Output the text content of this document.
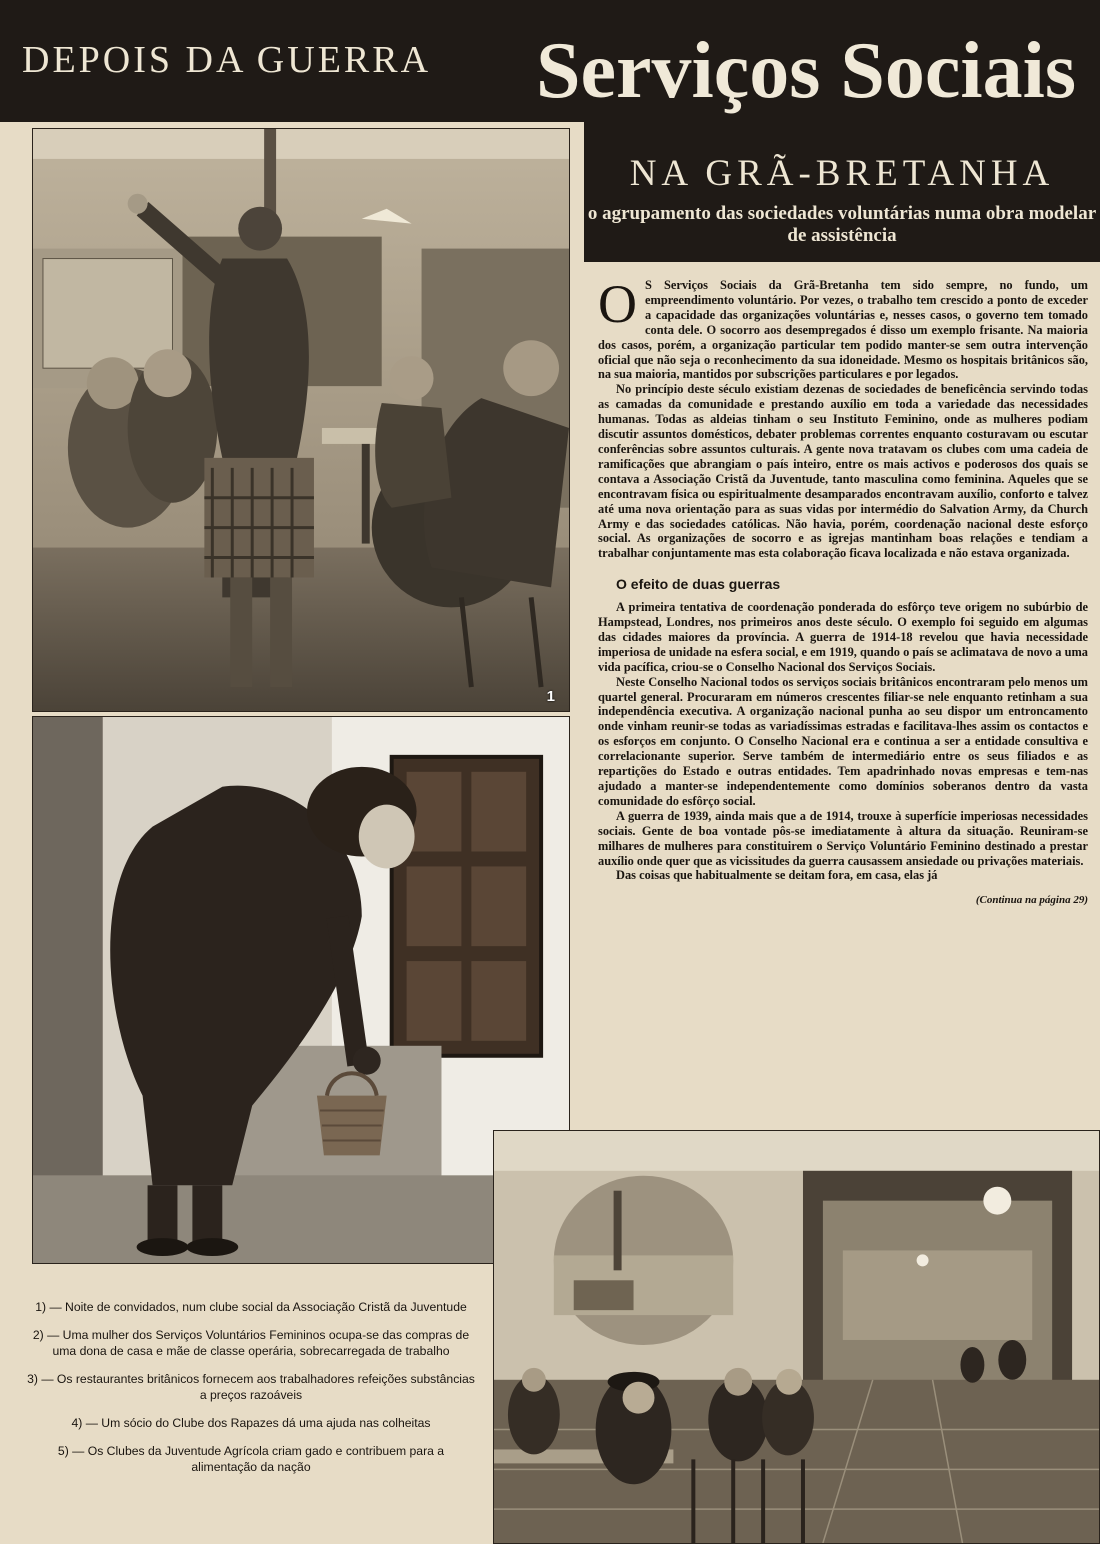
DEPOIS DA GUERRA Serviços Sociais
NA GRÃ-BRETANHA
o agrupamento das sociedades voluntárias numa obra modelar de assistência
1

O S Serviços Sociais da Grã-Bretanha tem sido sempre, no fundo, um empreendimento voluntário. Por vezes, o trabalho tem crescido a ponto de exceder a capacidade das organizações voluntárias e, nesses casos, o governo tem tomado conta dele. O socorro aos desempregados é disso um exemplo frisante. Na maioria dos casos, porém, a organização particular tem podido manter-se sem outra intervenção oficial que não seja o reconhecimento da sua idoneidade. Mesmo os hospitais britânicos são, na sua maioria, mantidos por subscrições particulares e por legados.

No princípio deste século existiam dezenas de sociedades de beneficência servindo todas as camadas da comunidade e prestando auxílio em toda a variedade das necessidades humanas. Todas as aldeias tinham o seu Instituto Feminino, onde as mulheres podiam discutir assuntos domésticos, debater problemas correntes enquanto costuravam ou escutar conferências sobre assuntos culturais. A gente nova tratavam os clubes com uma cadeia de ramificações que abrangiam o país inteiro, entre os mais activos e poderosos dos quais se contava a Associação Cristã da Juventude, tanto masculina como feminina. Aqueles que se encontravam física ou espiritualmente desamparados encontravam auxílio, conforto e talvez até uma nova orientação para as suas vidas por intermédio do Salvation Army, da Church Army e das sociedades católicas. Não havia, porém, coordenação nacional deste esforço social. As organizações de socorro e as igrejas mantinham boas relações e tendiam a trabalhar conjuntamente mas esta colaboração ficava localizada e não estava organizada.

O efeito de duas guerras

A primeira tentativa de coordenação ponderada do esfôrço teve origem no subúrbio de Hampstead, Londres, nos primeiros anos deste século. O exemplo foi seguido em algumas das cidades maiores da província. A guerra de 1914-18 revelou que havia necessidade imperiosa de unidade na esfera social, e em 1919, quando o país se aclimatava de novo a uma vida pacífica, criou-se o Conselho Nacional dos Serviços Sociais.

Neste Conselho Nacional todos os serviços sociais britânicos encontraram pelo menos um quartel general. Procuraram em números crescentes filiar-se nele enquanto retinham a sua independência executiva. A organização nacional punha ao seu dispor um entroncamento onde vinham reunir-se todas as variadíssimas estradas e facilitava-lhes assim os contactos e os esforços em conjunto. O Conselho Nacional era e continua a ser a entidade consultiva e correlacionante superior. Serve também de intermediário entre os seus filiados e as repartições do Estado e outras entidades. Tem apadrinhado novas empresas e tem-nas ajudado a manter-se independentemente como domínios soberanos dentro da vasta comunidade do esfôrço social.

A guerra de 1939, ainda mais que a de 1914, trouxe à superfície imperiosas necessidades sociais. Gente de boa vontade pôs-se imediatamente à altura da situação. Reuniram-se milhares de mulheres para constituirem o Serviço Voluntário Feminino destinado a prestar auxílio onde quer que as vicissitudes da guerra causassem ansiedade ou privações materiais.

Das coisas que habitualmente se deitam fora, em casa, elas já

(Continua na página 29)
1) — Noite de convidados, num clube social da Associação Cristã da Juventude
2) — Uma mulher dos Serviços Voluntários Femininos ocupa-se das compras de uma dona de casa e mãe de classe operária, sobrecarregada de trabalho
3) — Os restaurantes britânicos fornecem aos trabalhadores refeições substâncias a preços razoáveis
4) — Um sócio do Clube dos Rapazes dá uma ajuda nas colheitas
5) — Os Clubes da Juventude Agrícola criam gado e contribuem para a alimentação da nação
